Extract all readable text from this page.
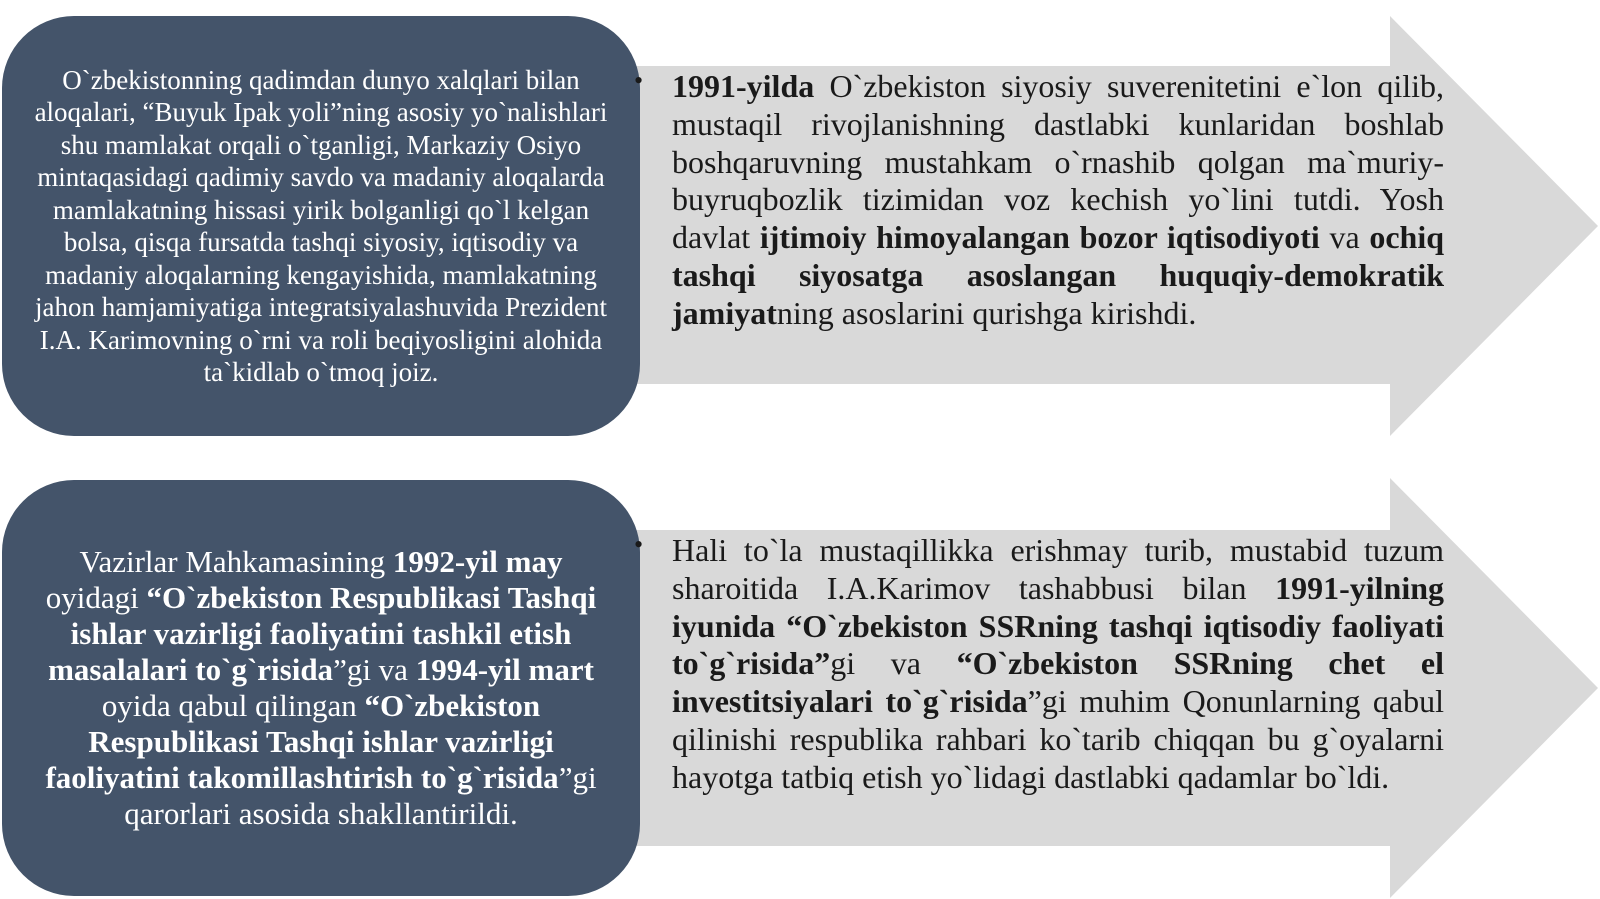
O`zbekistonning qadimdan dunyo xalqlari bilan aloqalari, “Buyuk Ipak yoli”ning asosiy yo`nalishlari shu mamlakat orqali o`tganligi, Markaziy Osiyo mintaqasidagi qadimiy savdo va madaniy aloqalarda mamlakatning hissasi yirik bolganligi qo`l kelgan bolsa, qisqa fursatda tashqi siyosiy, iqtisodiy va madaniy aloqalarning kengayishida, mamlakatning jahon hamjamiyatiga integratsiyalashuvida Prezident I.A. Karimovning o`rni va roli beqiyosligini alohida ta`kidlab o`tmoq joiz.
Vazirlar Mahkamasining 1992-yil may oyidagi “O`zbekiston Respublikasi Tashqi ishlar vazirligi faoliyatini tashkil etish masalalari to`g`risida”gi va 1994-yil mart oyida qabul qilingan “O`zbekiston Respublikasi Tashqi ishlar vazirligi faoliyatini takomillashtirish to`g`risida”gi qarorlari asosida shakllantirildi.
• 1991-yilda O`zbekiston siyosiy suverenitetini e`lon qilib, mustaqil rivojlanishning dastlabki kunlaridan boshlab boshqaruvning mustahkam o`rnashib qolgan ma`muriy-buyruqbozlik tizimidan voz kechish yo`lini tutdi. Yosh davlat ijtimoiy himoyalangan bozor iqtisodiyoti va ochiq tashqi siyosatga asoslangan huquqiy-demokratik jamiyatning asoslarini qurishga kirishdi.
• Hali to`la mustaqillikka erishmay turib, mustabid tuzum sharoitida I.A.Karimov tashabbusi bilan 1991-yilning iyunida “O`zbekiston SSRning tashqi iqtisodiy faoliyati to`g`risida”gi va “O`zbekiston SSRning chet el investitsiyalari to`g`risida”gi muhim Qonunlarning qabul qilinishi respublika rahbari ko`tarib chiqqan bu g`oyalarni hayotga tatbiq etish yo`lidagi dastlabki qadamlar bo`ldi.
